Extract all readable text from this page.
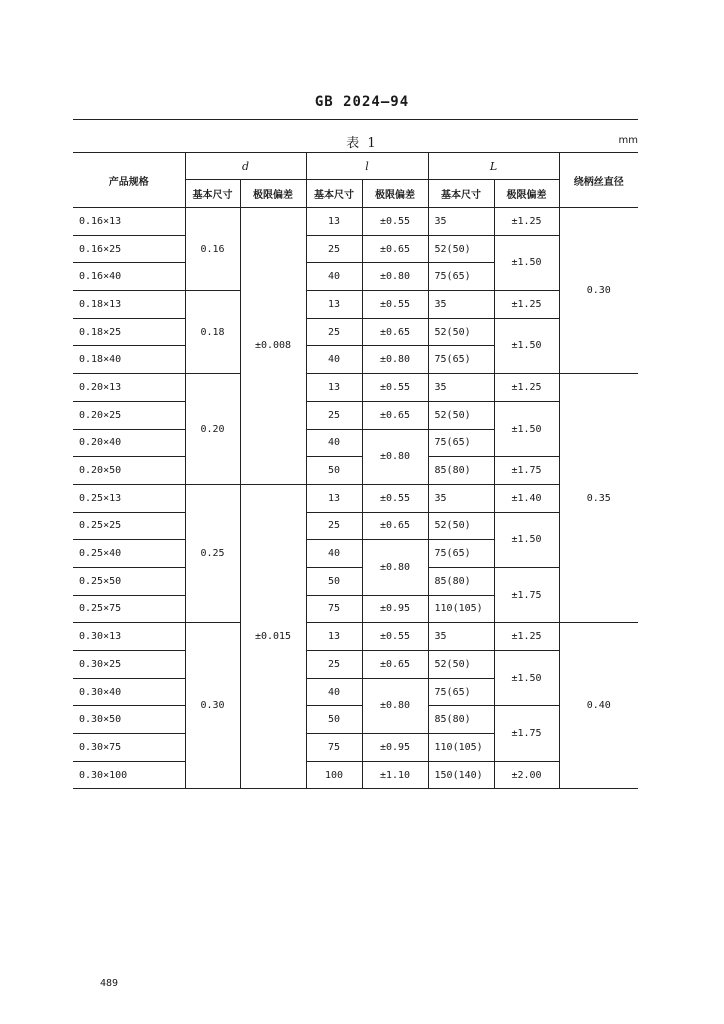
GB 2024—94
表 1	mm
产品规格	d		l		L		绕柄丝直径
	基本尺寸	极限偏差	基本尺寸	极限偏差	基本尺寸	极限偏差	
0.16×13	0.16	±0.008	13	±0.55	35	±1.25	0.30
0.16×25			25	±0.65	52(50)	±1.50	
0.16×40			40	±0.80	75(65)		
0.18×13	0.18		13	±0.55	35	±1.25	
0.18×25			25	±0.65	52(50)	±1.50	
0.18×40			40	±0.80	75(65)		
0.20×13	0.20		13	±0.55	35	±1.25	0.35
0.20×25			25	±0.65	52(50)	±1.50	
0.20×40			40	±0.80	75(65)		
0.20×50			50		85(80)	±1.75	
0.25×13	0.25	±0.015	13	±0.55	35	±1.40	
0.25×25			25	±0.65	52(50)	±1.50	
0.25×40			40	±0.80	75(65)		
0.25×50			50		85(80)	±1.75	
0.25×75			75	±0.95	110(105)		
0.30×13	0.30		13	±0.55	35	±1.25	0.40
0.30×25			25	±0.65	52(50)	±1.50	
0.30×40			40	±0.80	75(65)		
0.30×50			50		85(80)	±1.75	
0.30×75			75	±0.95	110(105)		
0.30×100			100	±1.10	150(140)	±2.00	
489
